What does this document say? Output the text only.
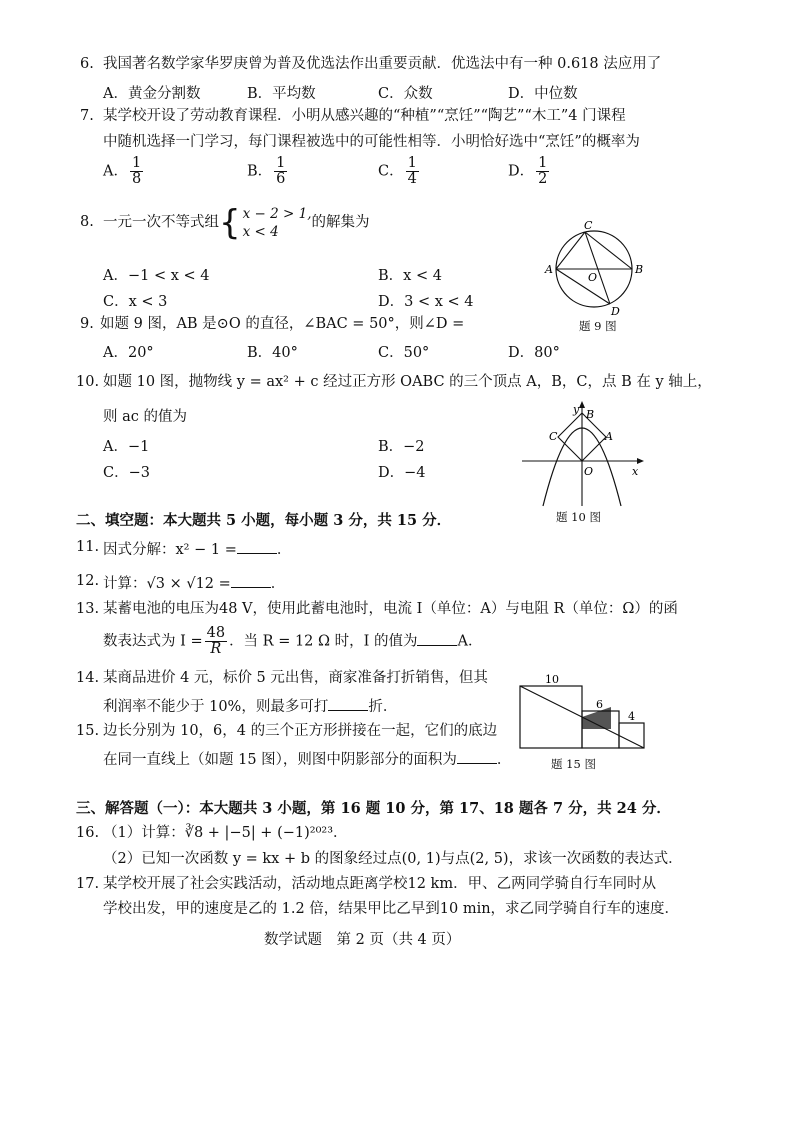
6. 我国著名数学家华罗庚曾为普及优选法作出重要贡献．优选法中有一种 0.618 法应用了
A．黄金分割数	B．平均数	C．众数	D．中位数
7. 某学校开设了劳动教育课程．小明从感兴趣的“种植”“烹饪”“陶艺”“木工”4 门课程
中随机选择一门学习，每门课程被选中的可能性相等．小明恰好选中“烹饪”的概率为
A． $\frac{1}{8}$	B． $\frac{1}{6}$	C． $\frac{1}{4}$	D． $\frac{1}{2}$
8. 一元一次不等式组 { x − 2 > 1,
x < 4
的解集为
A．−1 < x < 4	B．x < 4
C．x < 3	D．3 < x < 4
C
A	B
O
D
题 9 图
9. 如题 9 图，AB 是⊙O 的直径，∠BAC = 50°，则∠D =
A．20°	B．40°	C．50°	D．80°
10. 如题 10 图，抛物线 y = ax² + c 经过正方形 OABC 的三个顶点 A，B，C，点 B 在 y 轴上，
则 ac 的值为
A．−1	B．−2
C．−3	D．−4
y B
A
C
O	x
题 10 图
二、填空题：本大题共 5 小题，每小题 3 分，共 15 分．
11. 因式分解：x² − 1 =	．
12. 计算：√3 × √12 =	．
13. 某蓄电池的电压为48 V，使用此蓄电池时，电流 I（单位：A）与电阻 R（单位：Ω）的函
数表达式为 $I = \frac{48}{R}$ ．当 R = 12 Ω 时，I 的值为	A．
14. 某商品进价 4 元，标价 5 元出售，商家准备打折销售，但其
利润率不能少于 10%，则最多可打	折．
15. 边长分别为 10，6，4 的三个正方形拼接在一起，它们的底边
在同一直线上（如题 15 图），则图中阴影部分的面积为	．
10
6
4
题 15 图
三、解答题（一）：本大题共 3 小题，第 16 题 10 分，第 17、18 题各 7 分，共 24 分．
16. （1）计算：∛8 + |−5| + (−1)²⁰²³．
（2）已知一次函数 y = kx + b 的图象经过点(0, 1)与点(2, 5)，求该一次函数的表达式．
17. 某学校开展了社会实践活动，活动地点距离学校12 km．甲、乙两同学骑自行车同时从
学校出发，甲的速度是乙的 1.2 倍，结果甲比乙早到10 min，求乙同学骑自行车的速度．
数学试题　第 2 页（共 4 页）
